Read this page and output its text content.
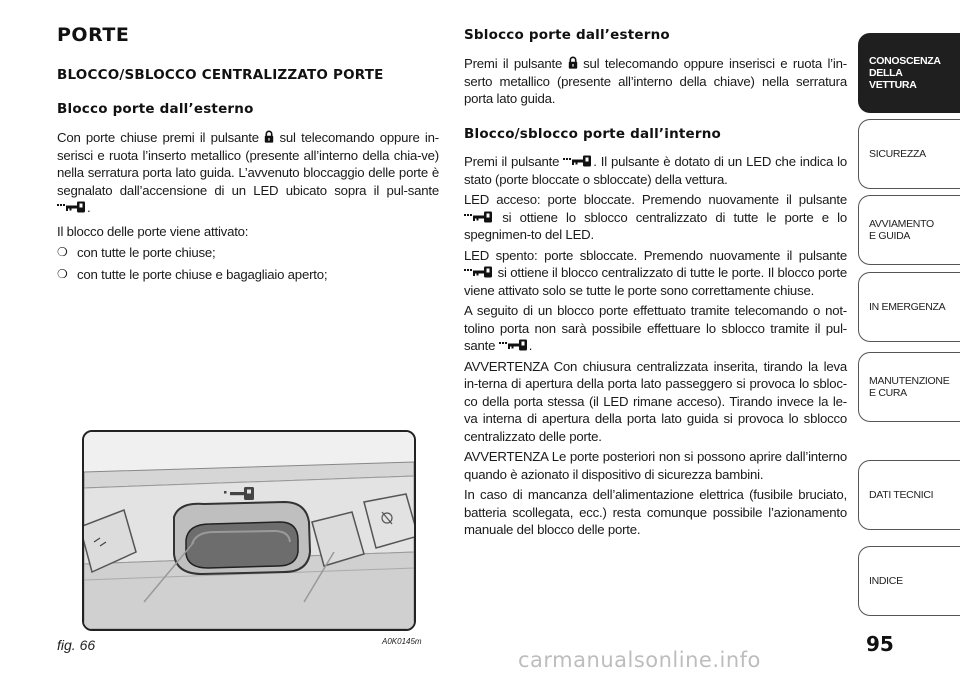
PORTE
BLOCCO/SBLOCCO CENTRALIZZATO PORTE
Blocco porte dall’esterno

Con porte chiuse premi il pulsante sul telecomando oppure in-serisci e ruota l’inserto metallico (presente all’interno della chia-ve) nella serratura porta lato guida. L’avvenuto bloccaggio delle porte è segnalato dall’accensione di un LED ubicato sopra il pul-sante .

Il blocco delle porte viene attivato:

❍ con tutte le porte chiuse;
❍ con tutte le porte chiuse e bagagliaio aperto;
fig. 66	A0K0145m
Sblocco porte dall’esterno

Premi il pulsante sul telecomando oppure inserisci e ruota l’in-serto metallico (presente all’interno della chiave) nella serratura porta lato guida.

Blocco/sblocco porte dall’interno

Premi il pulsante	. Il pulsante è dotato di un LED che indica lo stato (porte bloccate o sbloccate) della vettura.

LED acceso: porte bloccate. Premendo nuovamente il pulsante  si ottiene lo sblocco centralizzato di tutte le porte e lo spegnimen-to del LED.

LED spento: porte sbloccate. Premendo nuovamente il pulsante  si ottiene il blocco centralizzato di tutte le porte. Il blocco porte viene attivato solo se tutte le porte sono correttamente chiuse.

A seguito di un blocco porte effettuato tramite telecomando o not-tolino porta non sarà possibile effettuare lo sblocco tramite il pul-sante	.

AVVERTENZA Con chiusura centralizzata inserita, tirando la leva in-terna di apertura della porta lato passeggero si provoca lo sbloc-co della porta stessa (il LED rimane acceso). Tirando invece la le-va interna di apertura della porta lato guida si provoca lo sblocco centralizzato delle porte.

AVVERTENZA Le porte posteriori non si possono aprire dall’interno quando è azionato il dispositivo di sicurezza bambini.

In caso di mancanza dell’alimentazione elettrica (fusibile bruciato, batteria scollegata, ecc.) resta comunque possibile l’azionamento manuale del blocco delle porte.

CONOSCENZA DELLA VETTURA
SICUREZZA
AVVIAMENTO E GUIDA
IN EMERGENZA
MANUTENZIONE E CURA
DATI TECNICI
INDICE
95
carmanualsonline.info
